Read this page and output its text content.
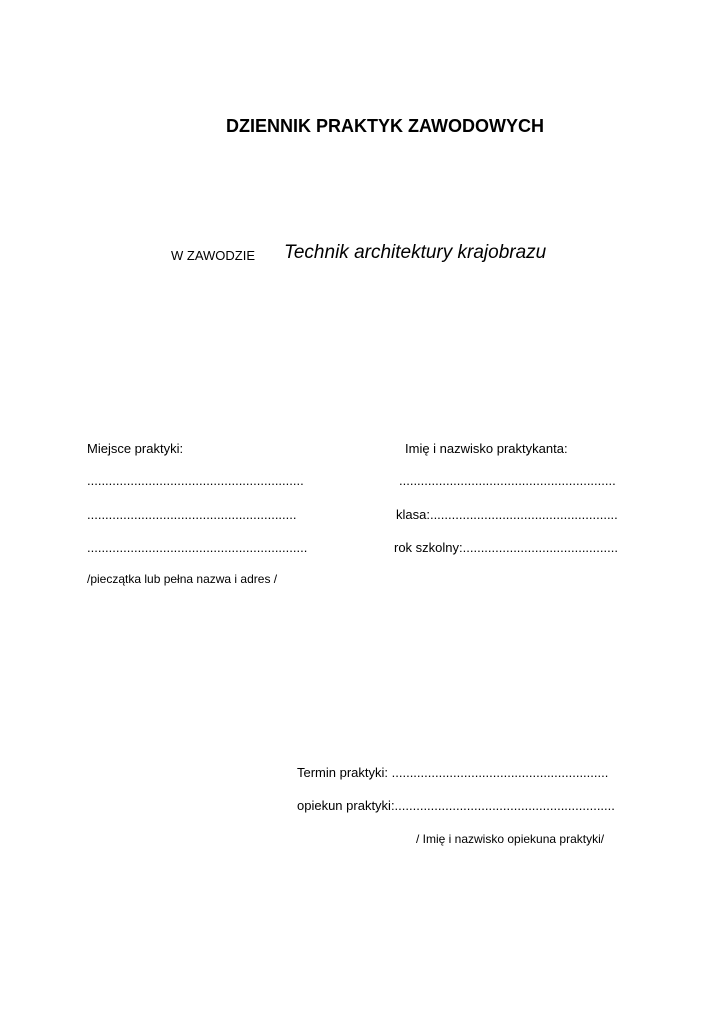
DZIENNIK PRAKTYK ZAWODOWYCH
W ZAWODZIE Technik architektury krajobrazu
Miejsce praktyki:
............................................................
..........................................................
.............................................................
/pieczątka lub pełna nazwa i adres /
Imię i nazwisko praktykanta:
............................................................
klasa:....................................................
rok szkolny:...........................................
Termin praktyki: ............................................................
opiekun praktyki:.............................................................
/ Imię i nazwisko opiekuna praktyki/
